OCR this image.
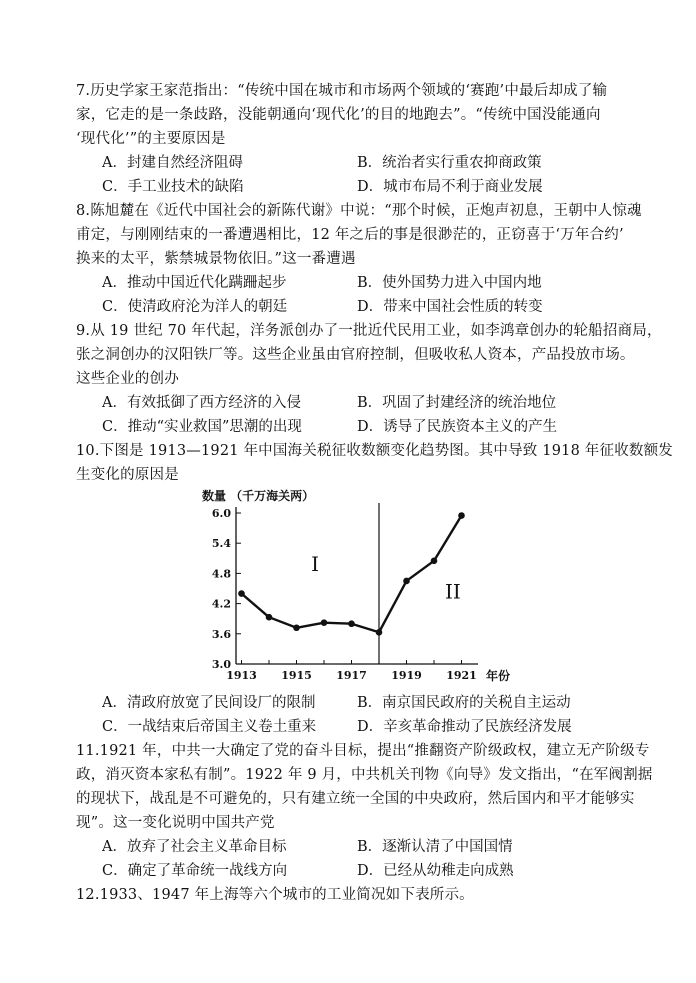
7.历史学家王家范指出：“传统中国在城市和市场两个领域的‘赛跑’中最后却成了输
家，它走的是一条歧路，没能朝通向‘现代化’的目的地跑去”。“传统中国没能通向
‘现代化’”的主要原因是
A．封建自然经济阻碍	B．统治者实行重农抑商政策
C．手工业技术的缺陷	D．城市布局不利于商业发展
8.陈旭麓在《近代中国社会的新陈代谢》中说：“那个时候，正炮声初息，王朝中人惊魂
甫定，与刚刚结束的一番遭遇相比，12 年之后的事是很渺茫的，正窃喜于‘万年合约’
换来的太平，紫禁城景物依旧。”这一番遭遇
A．推动中国近代化蹒跚起步	B．使外国势力进入中国内地
C．使清政府沦为洋人的朝廷	D．带来中国社会性质的转变
9.从 19 世纪 70 年代起，洋务派创办了一批近代民用工业，如李鸿章创办的轮船招商局，
张之洞创办的汉阳铁厂等。这些企业虽由官府控制，但吸收私人资本，产品投放市场。
这些企业的创办
A．有效抵御了西方经济的入侵	B．巩固了封建经济的统治地位
C．推动“实业救国”思潮的出现	D．诱导了民族资本主义的产生
10.下图是 1913—1921 年中国海关税征收数额变化趋势图。其中导致 1918 年征收数额发
生变化的原因是
数量 （千万海关两）
年份
3.0
3.6
4.2
4.8
5.4
6.0
1913 1915 1917 1919 1921
I
II
A．清政府放宽了民间设厂的限制	B．南京国民政府的关税自主运动
C．一战结束后帝国主义卷土重来	D．辛亥革命推动了民族经济发展
11.1921 年，中共一大确定了党的奋斗目标，提出“推翻资产阶级政权，建立无产阶级专
政，消灭资本家私有制”。1922 年 9 月，中共机关刊物《向导》发文指出，“在军阀割据
的现状下，战乱是不可避免的，只有建立统一全国的中央政府，然后国内和平才能够实
现”。这一变化说明中国共产党
A．放弃了社会主义革命目标	B．逐渐认清了中国国情
C．确定了革命统一战线方向	D．已经从幼稚走向成熟
12.1933、1947 年上海等六个城市的工业简况如下表所示。
